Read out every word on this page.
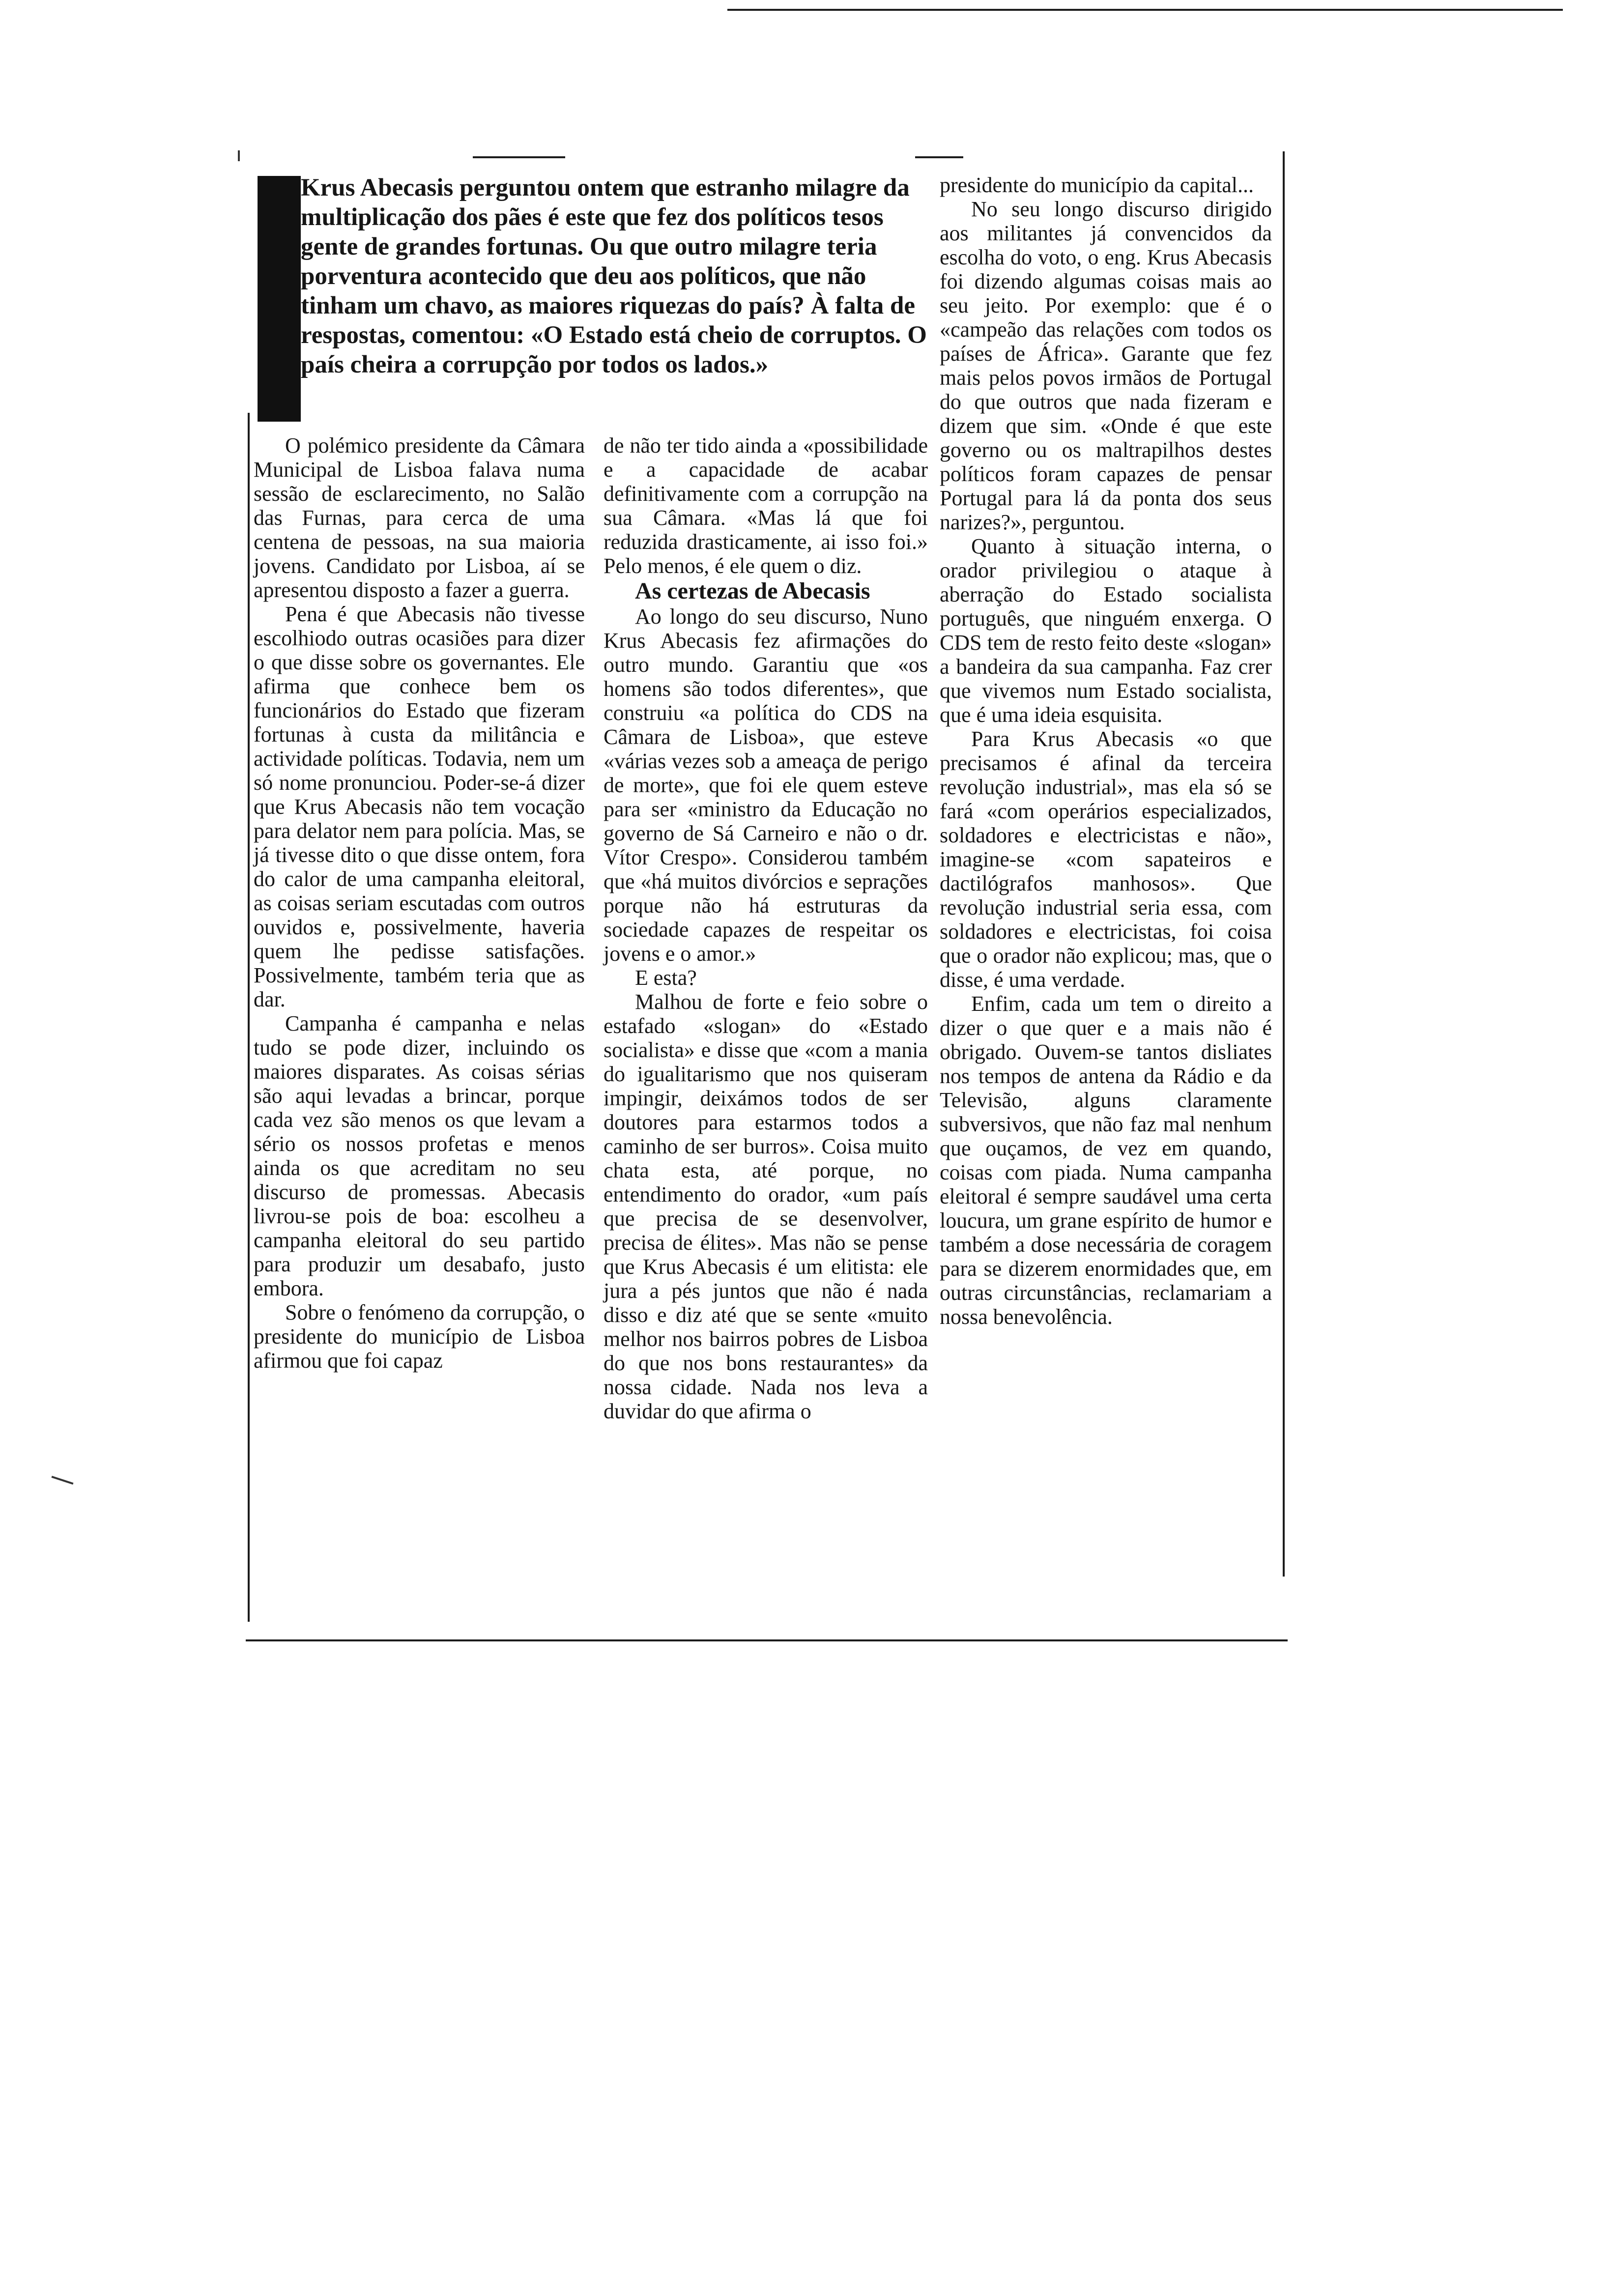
Krus Abecasis perguntou ontem que estranho milagre da multiplicação dos pães é este que fez dos políticos tesos gente de grandes fortunas. Ou que outro milagre teria porventura acontecido que deu aos políticos, que não tinham um chavo, as maiores riquezas do país? À falta de respostas, comentou: «O Estado está cheio de corruptos. O país cheira a corrupção por todos os lados.»

O polémico presidente da Câmara Municipal de Lisboa falava numa sessão de esclarecimento, no Salão das Furnas, para cerca de uma centena de pessoas, na sua maioria jovens. Candidato por Lisboa, aí se apresentou disposto a fazer a guerra.

Pena é que Abecasis não tivesse escolhiodo outras ocasiões para dizer o que disse sobre os governantes. Ele afirma que conhece bem os funcionários do Estado que fizeram fortunas à custa da militância e actividade políticas. Todavia, nem um só nome pronunciou. Poder-se-á dizer que Krus Abecasis não tem vocação para delator nem para polícia. Mas, se já tivesse dito o que disse ontem, fora do calor de uma campanha eleitoral, as coisas seriam escutadas com outros ouvidos e, possivelmente, haveria quem lhe pedisse satisfações. Possivelmente, também teria que as dar.

Campanha é campanha e nelas tudo se pode dizer, incluindo os maiores disparates. As coisas sérias são aqui levadas a brincar, porque cada vez são menos os que levam a sério os nossos profetas e menos ainda os que acreditam no seu discurso de promessas. Abecasis livrou-se pois de boa: escolheu a campanha eleitoral do seu partido para produzir um desabafo, justo embora.

Sobre o fenómeno da corrupção, o presidente do município de Lisboa afirmou que foi capaz

de não ter tido ainda a «possibilidade e a capacidade de acabar definitivamente com a corrupção na sua Câmara. «Mas lá que foi reduzida drasticamente, ai isso foi.» Pelo menos, é ele quem o diz.

As certezas de Abecasis

Ao longo do seu discurso, Nuno Krus Abecasis fez afirmações do outro mundo. Garantiu que «os homens são todos diferentes», que construiu «a política do CDS na Câmara de Lisboa», que esteve «várias vezes sob a ameaça de perigo de morte», que foi ele quem esteve para ser «ministro da Educação no governo de Sá Carneiro e não o dr. Vítor Crespo». Considerou também que «há muitos divórcios e seprações porque não há estruturas da sociedade capazes de respeitar os jovens e o amor.»

E esta?

Malhou de forte e feio sobre o estafado «slogan» do «Estado socialista» e disse que «com a mania do igualitarismo que nos quiseram impingir, deixámos todos de ser doutores para estarmos todos a caminho de ser burros». Coisa muito chata esta, até porque, no entendimento do orador, «um país que precisa de se desenvolver, precisa de élites». Mas não se pense que Krus Abecasis é um elitista: ele jura a pés juntos que não é nada disso e diz até que se sente «muito melhor nos bairros pobres de Lisboa do que nos bons restaurantes» da nossa cidade. Nada nos leva a duvidar do que afirma o

presidente do município da capital...

No seu longo discurso dirigido aos militantes já convencidos da escolha do voto, o eng. Krus Abecasis foi dizendo algumas coisas mais ao seu jeito. Por exemplo: que é o «campeão das relações com todos os países de África». Garante que fez mais pelos povos irmãos de Portugal do que outros que nada fizeram e dizem que sim. «Onde é que este governo ou os maltrapilhos destes políticos foram capazes de pensar Portugal para lá da ponta dos seus narizes?», perguntou.

Quanto à situação interna, o orador privilegiou o ataque à aberração do Estado socialista português, que ninguém enxerga. O CDS tem de resto feito deste «slogan» a bandeira da sua campanha. Faz crer que vivemos num Estado socialista, que é uma ideia esquisita.

Para Krus Abecasis «o que precisamos é afinal da terceira revolução industrial», mas ela só se fará «com operários especializados, soldadores e electricistas e não», imagine-se «com sapateiros e dactilógrafos manhosos». Que revolução industrial seria essa, com soldadores e electricistas, foi coisa que o orador não explicou; mas, que o disse, é uma verdade.

Enfim, cada um tem o direito a dizer o que quer e a mais não é obrigado. Ouvem-se tantos disliates nos tempos de antena da Rádio e da Televisão, alguns claramente subversivos, que não faz mal nenhum que ouçamos, de vez em quando, coisas com piada. Numa campanha eleitoral é sempre saudável uma certa loucura, um grane espírito de humor e também a dose necessária de coragem para se dizerem enormidades que, em outras circunstâncias, reclamariam a nossa benevolência.
